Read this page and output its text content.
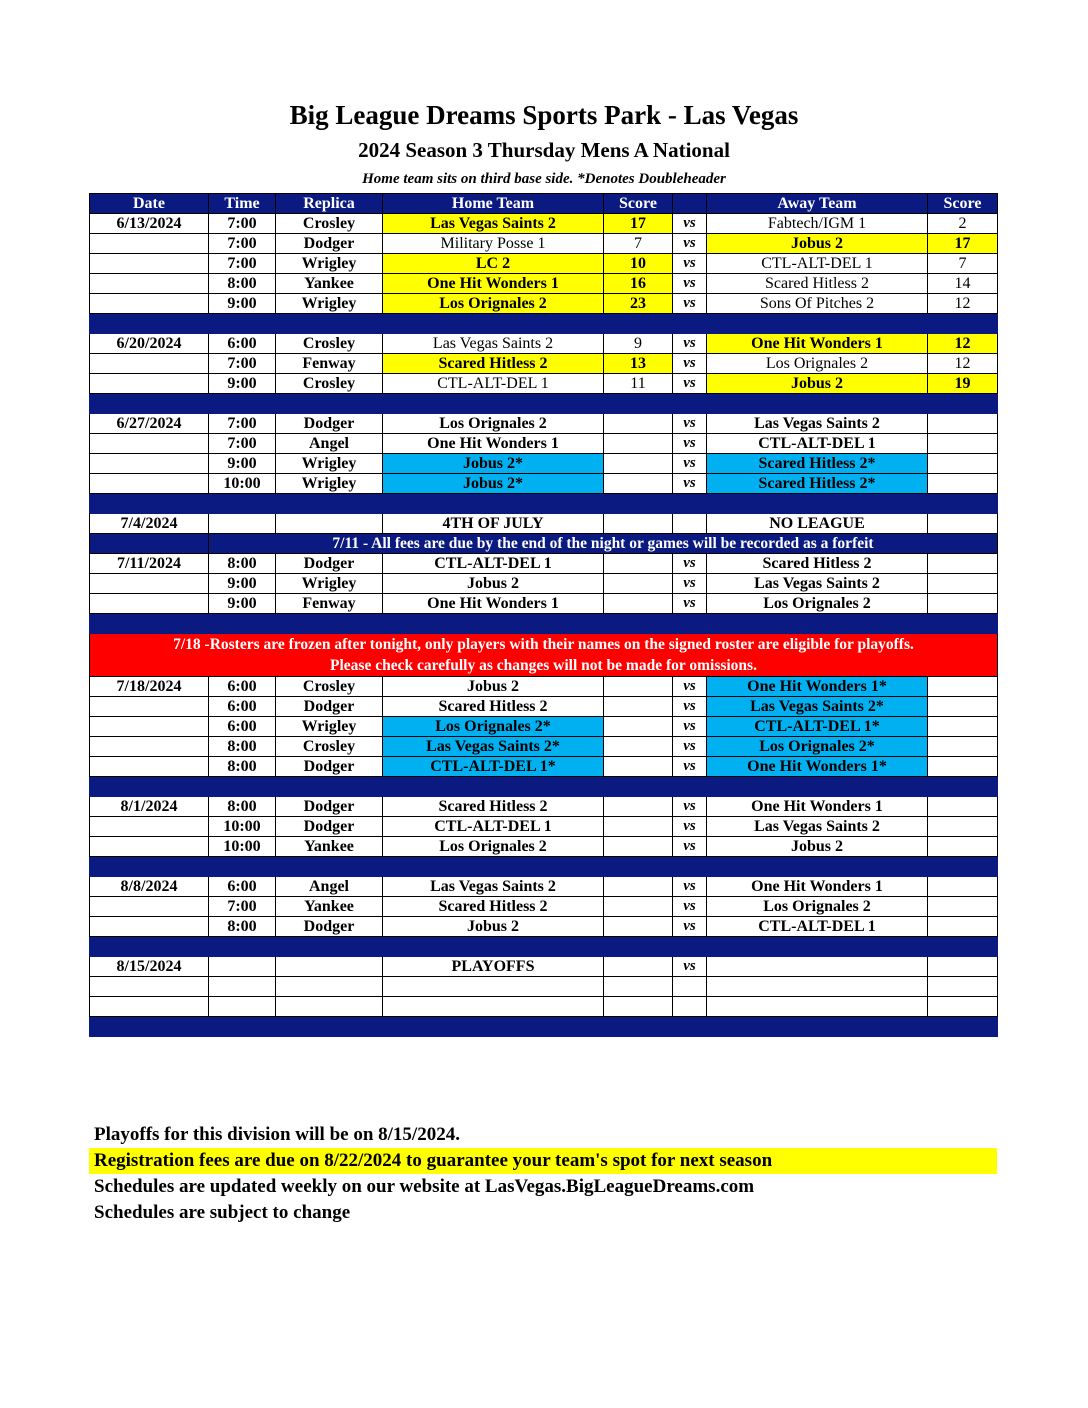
Big League Dreams Sports Park - Las Vegas
2024 Season 3 Thursday Mens A National
Home team sits on third base side. *Denotes Doubleheader
Date	Time	Replica	Home Team	Score		Away Team	Score
6/13/2024	7:00	Crosley	Las Vegas Saints 2	17	vs	Fabtech/IGM 1	2
	7:00	Dodger	Military Posse 1	7	vs	Jobus 2	17
	7:00	Wrigley	LC 2	10	vs	CTL-ALT-DEL 1	7
	8:00	Yankee	One Hit Wonders 1	16	vs	Scared Hitless 2	14
	9:00	Wrigley	Los Orignales 2	23	vs	Sons Of Pitches 2	12

6/20/2024	6:00	Crosley	Las Vegas Saints 2	9	vs	One Hit Wonders 1	12
	7:00	Fenway	Scared Hitless 2	13	vs	Los Orignales 2	12
	9:00	Crosley	CTL-ALT-DEL 1	11	vs	Jobus 2	19

6/27/2024	7:00	Dodger	Los Orignales 2		vs	Las Vegas Saints 2	
	7:00	Angel	One Hit Wonders 1		vs	CTL-ALT-DEL 1	
	9:00	Wrigley	Jobus 2*		vs	Scared Hitless 2*	
	10:00	Wrigley	Jobus 2*		vs	Scared Hitless 2*	

7/4/2024			4TH OF JULY			NO LEAGUE	
	7/11 - All fees are due by the end of the night or games will be recorded as a forfeit						
7/11/2024	8:00	Dodger	CTL-ALT-DEL 1		vs	Scared Hitless 2	
	9:00	Wrigley	Jobus 2		vs	Las Vegas Saints 2	
	9:00	Fenway	One Hit Wonders 1		vs	Los Orignales 2	

7/18 -Rosters are frozen after tonight, only players with their names on the signed roster are eligible for playoffs.
Please check carefully as changes will not be made for omissions.							

7/18/2024	6:00	Crosley	Jobus 2		vs	One Hit Wonders 1*	
	6:00	Dodger	Scared Hitless 2		vs	Las Vegas Saints 2*	
	6:00	Wrigley	Los Orignales 2*		vs	CTL-ALT-DEL 1*	
	8:00	Crosley	Las Vegas Saints 2*		vs	Los Orignales 2*	
	8:00	Dodger	CTL-ALT-DEL 1*		vs	One Hit Wonders 1*	

8/1/2024	8:00	Dodger	Scared Hitless 2		vs	One Hit Wonders 1	
	10:00	Dodger	CTL-ALT-DEL 1		vs	Las Vegas Saints 2	
	10:00	Yankee	Los Orignales 2		vs	Jobus 2	

8/8/2024	6:00	Angel	Las Vegas Saints 2		vs	One Hit Wonders 1	
	7:00	Yankee	Scared Hitless 2		vs	Los Orignales 2	
	8:00	Dodger	Jobus 2		vs	CTL-ALT-DEL 1	

8/15/2024			PLAYOFFS		vs		

Playoffs for this division will be on 8/15/2024.
Registration fees are due on 8/22/2024 to guarantee your team's spot for next season
Schedules are updated weekly on our website at LasVegas.BigLeagueDreams.com
Schedules are subject to change
